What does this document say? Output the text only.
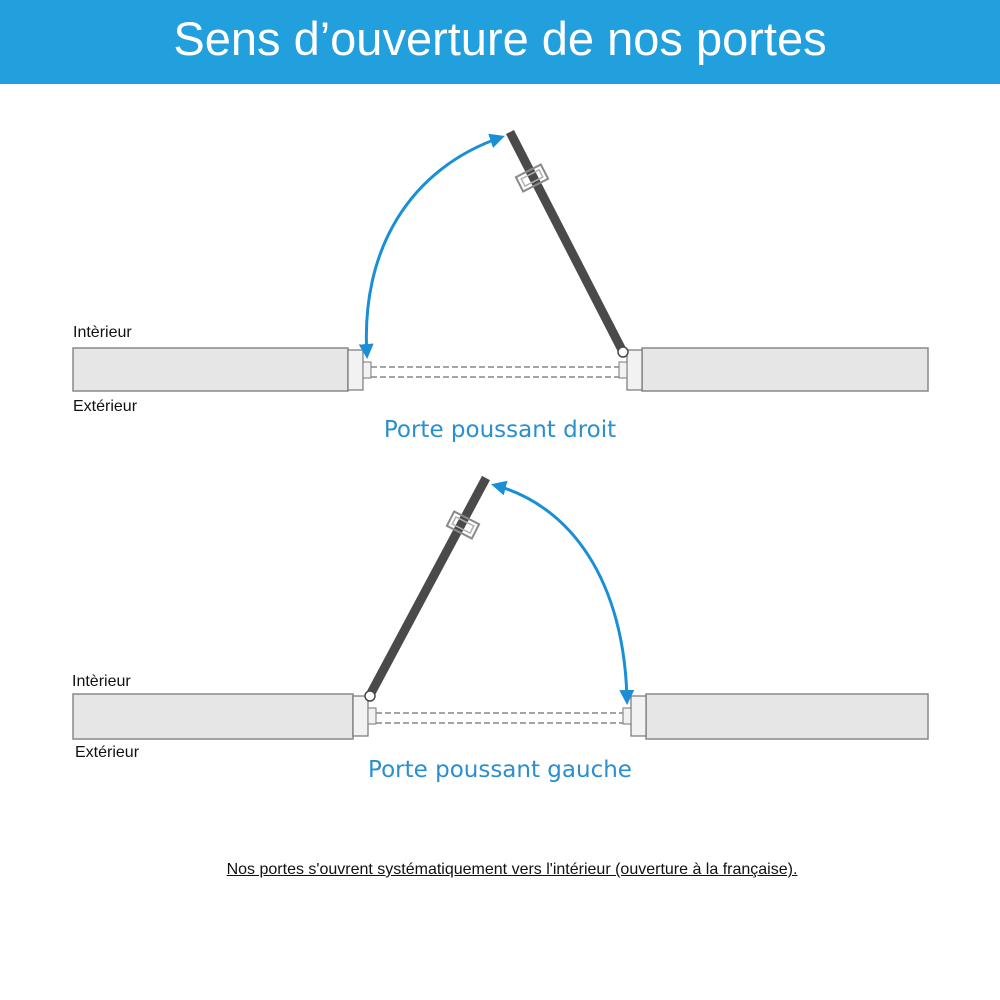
Sens d’ouverture de nos portes
Intèrieur
Extérieur
Porte poussant droit
Intèrieur
Extérieur
Porte poussant gauche
Nos portes s'ouvrent systématiquement vers l'intérieur (ouverture à la française).
